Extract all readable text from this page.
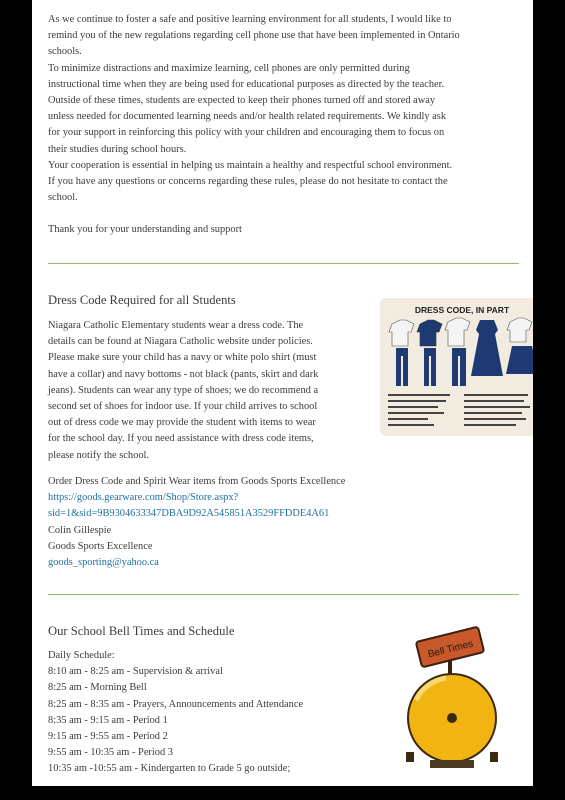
As we continue to foster a safe and positive learning environment for all students, I would like to

remind you of the new regulations regarding cell phone use that have been implemented in Ontario

schools.

To minimize distractions and maximize learning, cell phones are only permitted during

instructional time when they are being used for educational purposes as directed by the teacher.

Outside of these times, students are expected to keep their phones turned off and stored away

unless needed for documented learning needs and/or health related requirements. We kindly ask

for your support in reinforcing this policy with your children and encouraging them to focus on

their studies during school hours.

Your cooperation is essential in helping us maintain a healthy and respectful school environment.

If you have any questions or concerns regarding these rules, please do not hesitate to contact the

school.

Thank you for your understanding and support

Dress Code Required for all Students

Niagara Catholic Elementary students wear a dress code. The

details can be found at Niagara Catholic website under policies.

Please make sure your child has a navy or white polo shirt (must

have a collar) and navy bottoms - not black (pants, skirt and dark

jeans). Students can wear any type of shoes; we do recommend a

second set of shoes for indoor use. If your child arrives to school

out of dress code we may provide the student with items to wear

for the school day. If you need assistance with dress code items,

please notify the school.

DRESS CODE, IN PART

Order Dress Code and Spirit Wear items from Goods Sports Excellence

https://goods.gearware.com/Shop/Store.aspx?

sid=1&sid=9B9304633347DBA9D92A545851A3529FFDDE4A61

Colin Gillespie

Goods Sports Excellence

goods_sporting@yahoo.ca

Our School Bell Times and Schedule

Daily Schedule:

8:10 am - 8:25 am - Supervision & arrival

8:25 am - Morning Bell

8:25 am - 8:35 am - Prayers, Announcements and Attendance

8:35 am - 9:15 am - Period 1

9:15 am - 9:55 am - Period 2

9:55 am - 10:35 am - Period 3

10:35 am -10:55 am - Kindergarten to Grade 5 go outside;

Bell Times
